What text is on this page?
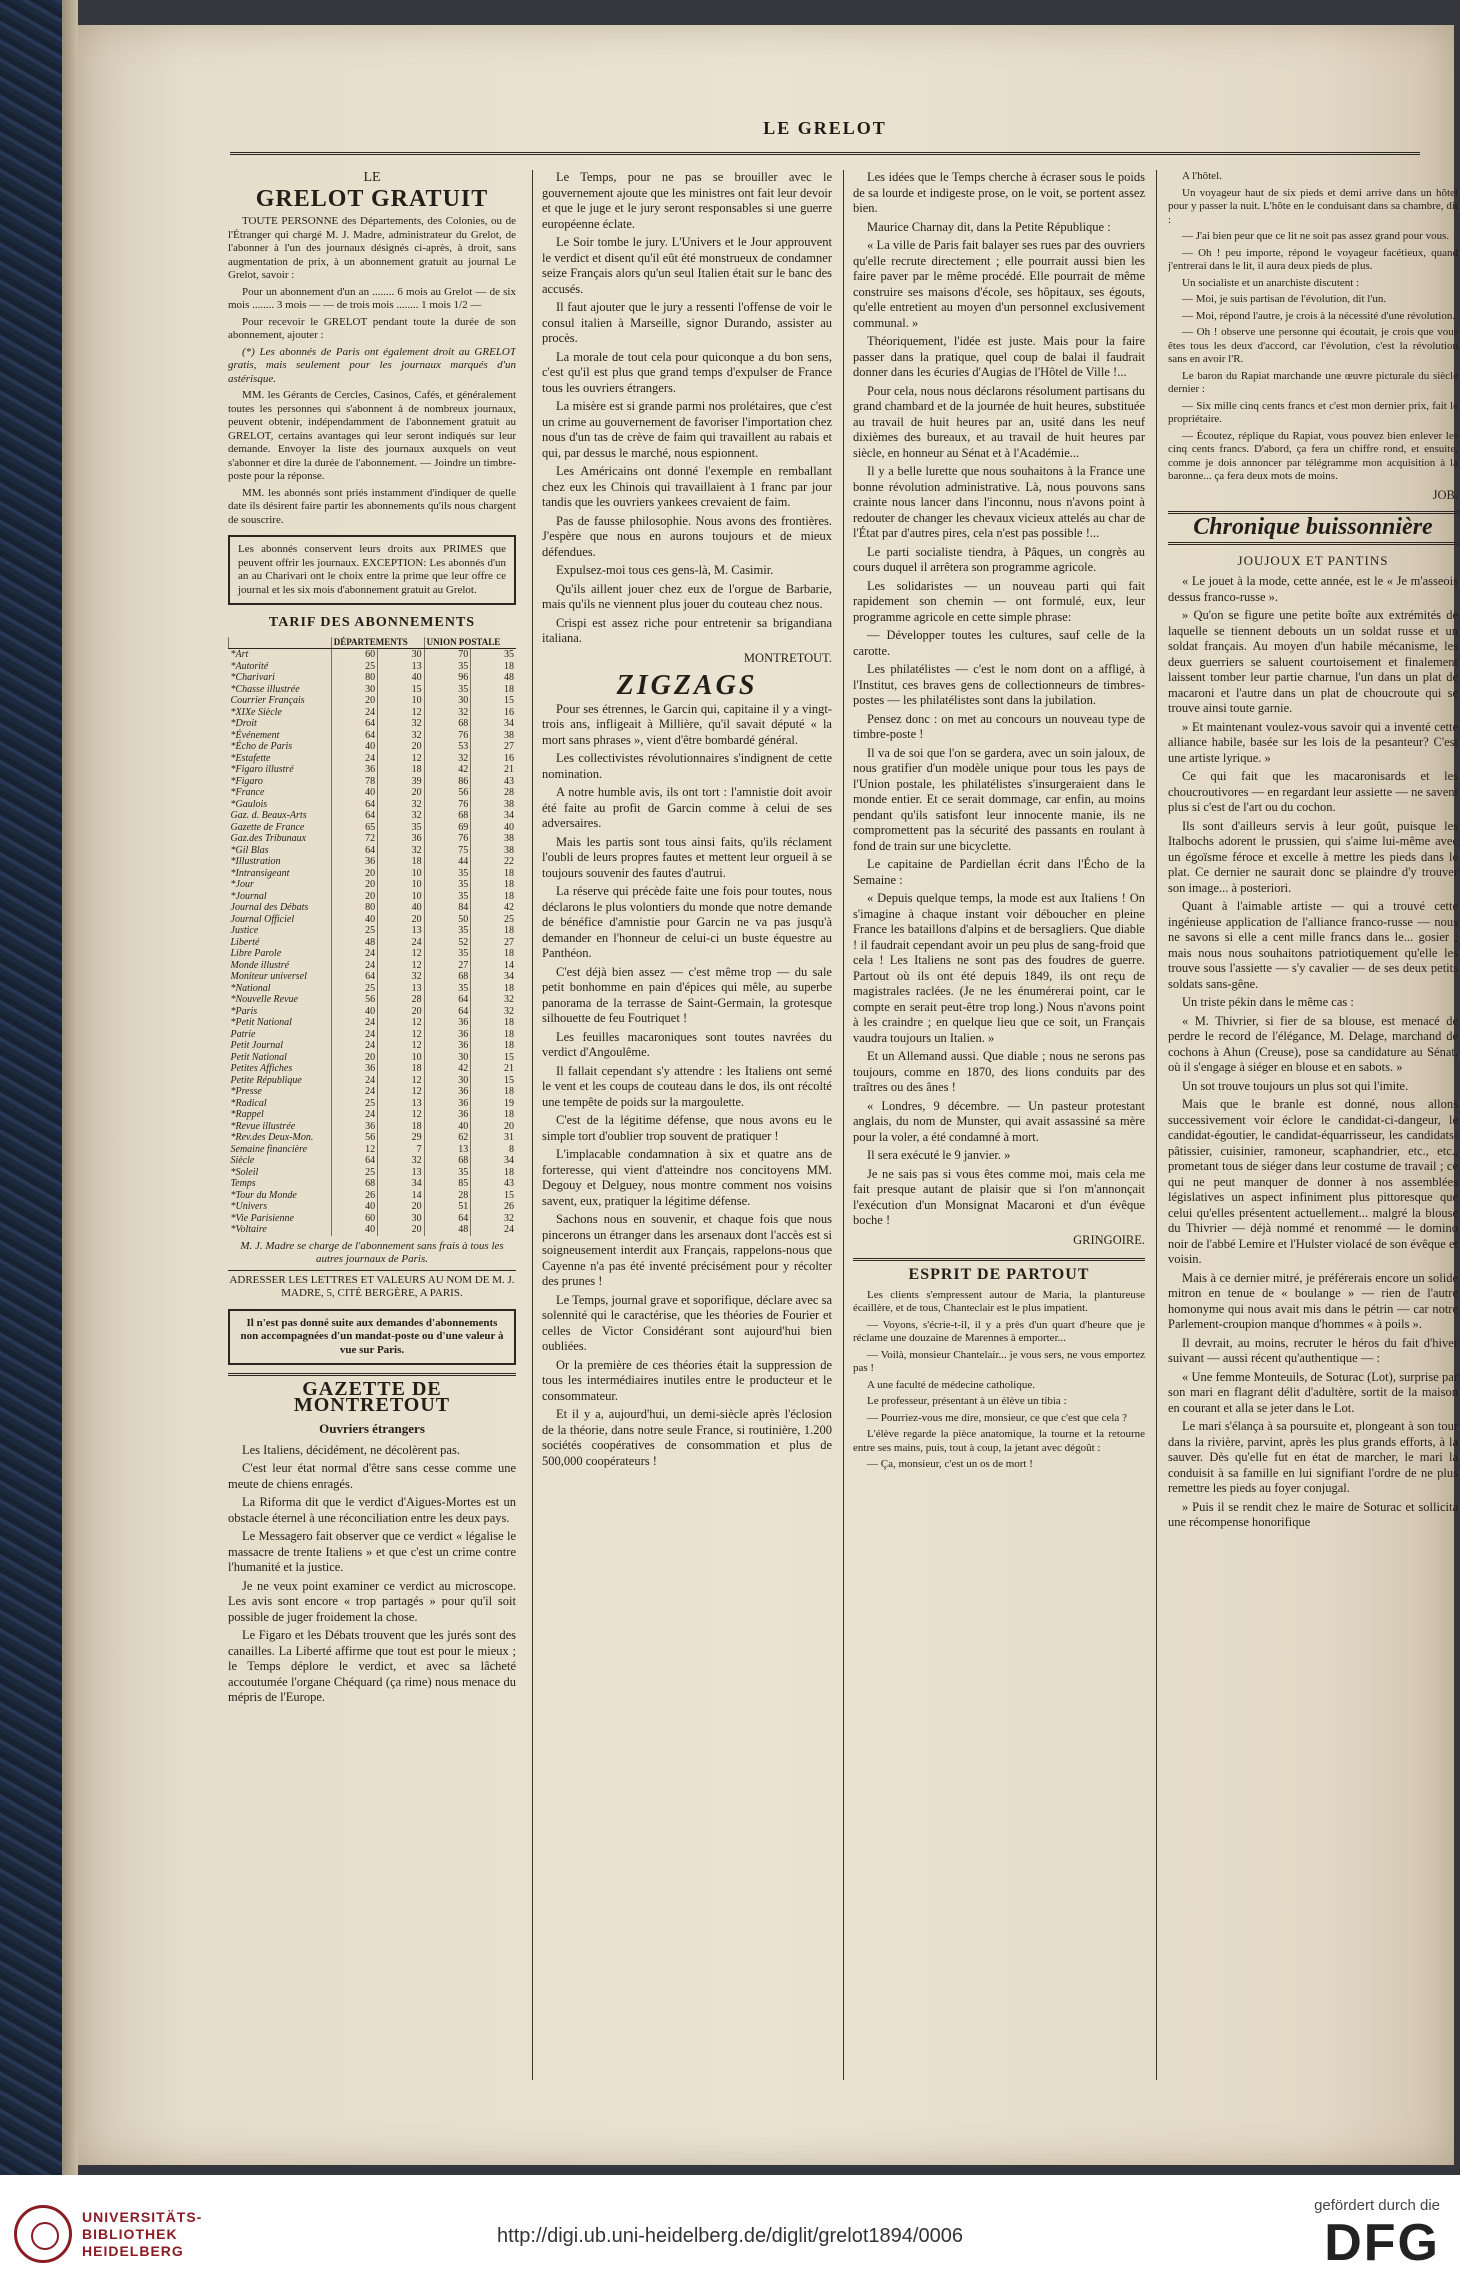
LE GRELOT
LE
GRELOT GRATUIT

TOUTE PERSONNE des Départements, des Colonies, ou de l'Étranger qui chargé M. J. Madre, administrateur du Grelot, de l'abonner à l'un des journaux désignés ci-après, à droit, sans augmentation de prix, à un abonnement gratuit au journal Le Grelot, savoir :

Pour un abonnement d'un an ........ 6 mois au Grelot — de six mois ........ 3 mois — — de trois mois ........ 1 mois 1/2 —

Pour recevoir le GRELOT pendant toute la durée de son abonnement, ajouter :

(*) Les abonnés de Paris ont également droit au GRELOT gratis, mais seulement pour les journaux marqués d'un astérisque.

MM. les Gérants de Cercles, Casinos, Cafés, et généralement toutes les personnes qui s'abonnent à de nombreux journaux, peuvent obtenir, indépendamment de l'abonnement gratuit au GRELOT, certains avantages qui leur seront indiqués sur leur demande. Envoyer la liste des journaux auxquels on veut s'abonner et dire la durée de l'abonnement. — Joindre un timbre-poste pour la réponse.

MM. les abonnés sont priés instamment d'indiquer de quelle date ils désirent faire partir les abonnements qu'ils nous chargent de souscrire.

Les abonnés conservent leurs droits aux PRIMES que peuvent offrir les journaux. EXCEPTION: Les abonnés d'un an au Charivari ont le choix entre la prime que leur offre ce journal et les six mois d'abonnement gratuit au Grelot.
TARIF DES ABONNEMENTS
	DÉPARTEMENTS		UNION POSTALE	
*Art	60	30	70	35
*Autorité	25	13	35	18
*Charivari	80	40	96	48
*Chasse illustrée	30	15	35	18
Courrier Français	20	10	30	15
*XIXe Siècle	24	12	32	16
*Droit	64	32	68	34
*Événement	64	32	76	38
*Écho de Paris	40	20	53	27
*Estafette	24	12	32	16
*Figaro illustré	36	18	42	21
*Figaro	78	39	86	43
*France	40	20	56	28
*Gaulois	64	32	76	38
Gaz. d. Beaux-Arts	64	32	68	34
Gazette de France	65	35	69	40
Gaz.des Tribunaux	72	36	76	38
*Gil Blas	64	32	75	38
*Illustration	36	18	44	22
*Intransigeant	20	10	35	18
*Jour	20	10	35	18
*Journal	20	10	35	18
Journal des Débats	80	40	84	42
Journal Officiel	40	20	50	25
Justice	25	13	35	18
Liberté	48	24	52	27
Libre Parole	24	12	35	18
Monde illustré	24	12	27	14
Moniteur universel	64	32	68	34
*National	25	13	35	18
*Nouvelle Revue	56	28	64	32
*Paris	40	20	64	32
*Petit National	24	12	36	18
Patrie	24	12	36	18
Petit Journal	24	12	36	18
Petit National	20	10	30	15
Petites Affiches	36	18	42	21
Petite République	24	12	30	15
*Presse	24	12	36	18
*Radical	25	13	36	19
*Rappel	24	12	36	18
*Revue illustrée	36	18	40	20
*Rev.des Deux-Mon.	56	29	62	31
Semaine financière	12	7	13	8
Siècle	64	32	68	34
*Soleil	25	13	35	18
Temps	68	34	85	43
*Tour du Monde	26	14	28	15
*Univers	40	20	51	26
*Vie Parisienne	60	30	64	32
*Voltaire	40	20	48	24

M. J. Madre se charge de l'abonnement sans frais à tous les autres journaux de Paris.

ADRESSER LES LETTRES ET VALEURS AU NOM DE M. J. MADRE, 5, CITÉ BERGÈRE, A PARIS.

Il n'est pas donné suite aux demandes d'abonnements non accompagnées d'un mandat-poste ou d'une valeur à vue sur Paris.
GAZETTE DE MONTRETOUT
Ouvriers étrangers

Les Italiens, décidément, ne décolèrent pas.

C'est leur état normal d'être sans cesse comme une meute de chiens enragés.

La Riforma dit que le verdict d'Aigues-Mortes est un obstacle éternel à une réconciliation entre les deux pays.

Le Messagero fait observer que ce verdict « légalise le massacre de trente Italiens » et que c'est un crime contre l'humanité et la justice.

Je ne veux point examiner ce verdict au microscope. Les avis sont encore « trop partagés » pour qu'il soit possible de juger froidement la chose.

Le Figaro et les Débats trouvent que les jurés sont des canailles. La Liberté affirme que tout est pour le mieux ; le Temps déplore le verdict, et avec sa lâcheté accoutumée l'organe Chéquard (ça rime) nous menace du mépris de l'Europe.

Le Temps, pour ne pas se brouiller avec le gouvernement ajoute que les ministres ont fait leur devoir et que le juge et le jury seront responsables si une guerre européenne éclate.

Le Soir tombe le jury. L'Univers et le Jour approuvent le verdict et disent qu'il eût été monstrueux de condamner seize Français alors qu'un seul Italien était sur le banc des accusés.

Il faut ajouter que le jury a ressenti l'offense de voir le consul italien à Marseille, signor Durando, assister au procès.

La morale de tout cela pour quiconque a du bon sens, c'est qu'il est plus que grand temps d'expulser de France tous les ouvriers étrangers.

La misère est si grande parmi nos prolétaires, que c'est un crime au gouvernement de favoriser l'importation chez nous d'un tas de crève de faim qui travaillent au rabais et qui, par dessus le marché, nous espionnent.

Les Américains ont donné l'exemple en remballant chez eux les Chinois qui travaillaient à 1 franc par jour tandis que les ouvriers yankees crevaient de faim.

Pas de fausse philosophie. Nous avons des frontières. J'espère que nous en aurons toujours et de mieux défendues.

Expulsez-moi tous ces gens-là, M. Casimir.

Qu'ils aillent jouer chez eux de l'orgue de Barbarie, mais qu'ils ne viennent plus jouer du couteau chez nous.

Crispi est assez riche pour entretenir sa brigandiana italiana.

MONTRETOUT.
ZIGZAGS

Pour ses étrennes, le Garcin qui, capitaine il y a vingt-trois ans, infligeait à Millière, qu'il savait député « la mort sans phrases », vient d'être bombardé général.

Les collectivistes révolutionnaires s'indignent de cette nomination.

A notre humble avis, ils ont tort : l'amnistie doit avoir été faite au profit de Garcin comme à celui de ses adversaires.

Mais les partis sont tous ainsi faits, qu'ils réclament l'oubli de leurs propres fautes et mettent leur orgueil à se toujours souvenir des fautes d'autrui.

La réserve qui précède faite une fois pour toutes, nous déclarons le plus volontiers du monde que notre demande de bénéfice d'amnistie pour Garcin ne va pas jusqu'à demander en l'honneur de celui-ci un buste équestre au Panthéon.

C'est déjà bien assez — c'est même trop — du sale petit bonhomme en pain d'épices qui mêle, au superbe panorama de la terrasse de Saint-Germain, la grotesque silhouette de feu Foutriquet !

Les feuilles macaroniques sont toutes navrées du verdict d'Angoulême.

Il fallait cependant s'y attendre : les Italiens ont semé le vent et les coups de couteau dans le dos, ils ont récolté une tempête de poids sur la margoulette.

C'est de la légitime défense, que nous avons eu le simple tort d'oublier trop souvent de pratiquer !

L'implacable condamnation à six et quatre ans de forteresse, qui vient d'atteindre nos concitoyens MM. Degouy et Delguey, nous montre comment nos voisins savent, eux, pratiquer la légitime défense.

Sachons nous en souvenir, et chaque fois que nous pincerons un étranger dans les arsenaux dont l'accès est si soigneusement interdit aux Français, rappelons-nous que Cayenne n'a pas été inventé précisément pour y récolter des prunes !

Le Temps, journal grave et soporifique, déclare avec sa solennité qui le caractérise, que les théories de Fourier et celles de Victor Considérant sont aujourd'hui bien oubliées.

Or la première de ces théories était la suppression de tous les intermédiaires inutiles entre le producteur et le consommateur.

Et il y a, aujourd'hui, un demi-siècle après l'éclosion de la théorie, dans notre seule France, si routinière, 1.200 sociétés coopératives de consommation et plus de 500,000 coopérateurs !

Les idées que le Temps cherche à écraser sous le poids de sa lourde et indigeste prose, on le voit, se portent assez bien.

Maurice Charnay dit, dans la Petite République :

« La ville de Paris fait balayer ses rues par des ouvriers qu'elle recrute directement ; elle pourrait aussi bien les faire paver par le même procédé. Elle pourrait de même construire ses maisons d'école, ses hôpitaux, ses égouts, qu'elle entretient au moyen d'un personnel exclusivement communal. »

Théoriquement, l'idée est juste. Mais pour la faire passer dans la pratique, quel coup de balai il faudrait donner dans les écuries d'Augias de l'Hôtel de Ville !...

Pour cela, nous nous déclarons résolument partisans du grand chambard et de la journée de huit heures, substituée au travail de huit heures par an, usité dans les neuf dixièmes des bureaux, et au travail de huit heures par siècle, en honneur au Sénat et à l'Académie...

Il y a belle lurette que nous souhaitons à la France une bonne révolution administrative. Là, nous pouvons sans crainte nous lancer dans l'inconnu, nous n'avons point à redouter de changer les chevaux vicieux attelés au char de l'État par d'autres pires, cela n'est pas possible !...

Le parti socialiste tiendra, à Pâques, un congrès au cours duquel il arrêtera son programme agricole.

Les solidaristes — un nouveau parti qui fait rapidement son chemin — ont formulé, eux, leur programme agricole en cette simple phrase:

— Développer toutes les cultures, sauf celle de la carotte.

Les philatélistes — c'est le nom dont on a affligé, à l'Institut, ces braves gens de collectionneurs de timbres-postes — les philatélistes sont dans la jubilation.

Pensez donc : on met au concours un nouveau type de timbre-poste !

Il va de soi que l'on se gardera, avec un soin jaloux, de nous gratifier d'un modèle unique pour tous les pays de l'Union postale, les philatélistes s'insurgeraient dans le monde entier. Et ce serait dommage, car enfin, au moins pendant qu'ils satisfont leur innocente manie, ils ne compromettent pas la sécurité des passants en roulant à fond de train sur une bicyclette.

Le capitaine de Pardiellan écrit dans l'Écho de la Semaine :

« Depuis quelque temps, la mode est aux Italiens ! On s'imagine à chaque instant voir déboucher en pleine France les bataillons d'alpins et de bersagliers. Que diable ! il faudrait cependant avoir un peu plus de sang-froid que cela ! Les Italiens ne sont pas des foudres de guerre. Partout où ils ont été depuis 1849, ils ont reçu de magistrales raclées. (Je ne les énumérerai point, car le compte en serait peut-être trop long.) Nous n'avons point à les craindre ; en quelque lieu que ce soit, un Français vaudra toujours un Italien. »

Et un Allemand aussi. Que diable ; nous ne serons pas toujours, comme en 1870, des lions conduits par des traîtres ou des ânes !

« Londres, 9 décembre. — Un pasteur protestant anglais, du nom de Munster, qui avait assassiné sa mère pour la voler, a été condamné à mort.

Il sera exécuté le 9 janvier. »

Je ne sais pas si vous êtes comme moi, mais cela me fait presque autant de plaisir que si l'on m'annonçait l'exécution d'un Monsignat Macaroni et d'un évêque boche !

GRINGOIRE.
ESPRIT DE PARTOUT

Les clients s'empressent autour de Maria, la plantureuse écaillère, et de tous, Chanteclair est le plus impatient.

— Voyons, s'écrie-t-il, il y a près d'un quart d'heure que je réclame une douzaine de Marennes à emporter...

— Voilà, monsieur Chantelair... je vous sers, ne vous emportez pas !

A une faculté de médecine catholique.

Le professeur, présentant à un élève un tibia :

— Pourriez-vous me dire, monsieur, ce que c'est que cela ?

L'élève regarde la pièce anatomique, la tourne et la retourne entre ses mains, puis, tout à coup, la jetant avec dégoût :

— Ça, monsieur, c'est un os de mort !

A l'hôtel.

Un voyageur haut de six pieds et demi arrive dans un hôtel pour y passer la nuit. L'hôte en le conduisant dans sa chambre, dit :

— J'ai bien peur que ce lit ne soit pas assez grand pour vous.

— Oh ! peu importe, répond le voyageur facétieux, quand j'entrerai dans le lit, il aura deux pieds de plus.

Un socialiste et un anarchiste discutent :

— Moi, je suis partisan de l'évolution, dit l'un.

— Moi, répond l'autre, je crois à la nécessité d'une révolution.

— Oh ! observe une personne qui écoutait, je crois que vous êtes tous les deux d'accord, car l'évolution, c'est la révolution sans en avoir l'R.

Le baron du Rapiat marchande une œuvre picturale du siècle dernier :

— Six mille cinq cents francs et c'est mon dernier prix, fait le propriétaire.

— Écoutez, réplique du Rapiat, vous pouvez bien enlever les cinq cents francs. D'abord, ça fera un chiffre rond, et ensuite, comme je dois annoncer par télégramme mon acquisition à la baronne... ça fera deux mots de moins.

JOB.
Chronique buissonnière
JOUJOUX ET PANTINS

« Le jouet à la mode, cette année, est le « Je m'asseois dessus franco-russe ».

» Qu'on se figure une petite boîte aux extrémités de laquelle se tiennent debouts un un soldat russe et un soldat français. Au moyen d'un habile mécanisme, les deux guerriers se saluent courtoisement et finalement laissent tomber leur partie charnue, l'un dans un plat de macaroni et l'autre dans un plat de choucroute qui se trouve ainsi toute garnie.

» Et maintenant voulez-vous savoir qui a inventé cette alliance habile, basée sur les lois de la pesanteur? C'est une artiste lyrique. »

Ce qui fait que les macaronisards et les choucroutivores — en regardant leur assiette — ne savent plus si c'est de l'art ou du cochon.

Ils sont d'ailleurs servis à leur goût, puisque les Italbochs adorent le prussien, qui s'aime lui-même avec un égoïsme féroce et excelle à mettre les pieds dans le plat. Ce dernier ne saurait donc se plaindre d'y trouver son image... à posteriori.

Quant à l'aimable artiste — qui a trouvé cette ingénieuse application de l'alliance franco-russe — nous ne savons si elle a cent mille francs dans le... gosier ; mais nous nous souhaitons patriotiquement qu'elle les trouve sous l'assiette — s'y cavalier — de ses deux petits soldats sans-gêne.

Un triste pékin dans le même cas :

« M. Thivrier, si fier de sa blouse, est menacé de perdre le record de l'élégance, M. Delage, marchand de cochons à Ahun (Creuse), pose sa candidature au Sénat, où il s'engage à siéger en blouse et en sabots. »

Un sot trouve toujours un plus sot qui l'imite.

Mais que le branle est donné, nous allons successivement voir éclore le candidat-ci-dangeur, le candidat-égoutier, le candidat-équarrisseur, les candidats-pâtissier, cuisinier, ramoneur, scaphandrier, etc., etc., prometant tous de siéger dans leur costume de travail ; ce qui ne peut manquer de donner à nos assemblées législatives un aspect infiniment plus pittoresque que celui qu'elles présentent actuellement... malgré la blouse du Thivrier — déjà nommé et renommé — le domino noir de l'abbé Lemire et l'Hulster violacé de son évêque et voisin.

Mais à ce dernier mitré, je préférerais encore un solide mitron en tenue de « boulange » — rien de l'autre homonyme qui nous avait mis dans le pétrin — car notre Parlement-croupion manque d'hommes « à poils ».

Il devrait, au moins, recruter le héros du fait d'hiver suivant — aussi récent qu'authentique — :

« Une femme Monteuils, de Soturac (Lot), surprise par son mari en flagrant délit d'adultère, sortit de la maison en courant et alla se jeter dans le Lot.

Le mari s'élança à sa poursuite et, plongeant à son tour dans la rivière, parvint, après les plus grands efforts, à la sauver. Dès qu'elle fut en état de marcher, le mari la conduisit à sa famille en lui signifiant l'ordre de ne plus remettre les pieds au foyer conjugal.

» Puis il se rendit chez le maire de Soturac et sollicita une récompense honorifique

UNIVERSITÄTS-
BIBLIOTHEK
HEIDELBERG
http://digi.ub.uni-heidelberg.de/diglit/grelot1894/0006
gefördert durch die
DFG
